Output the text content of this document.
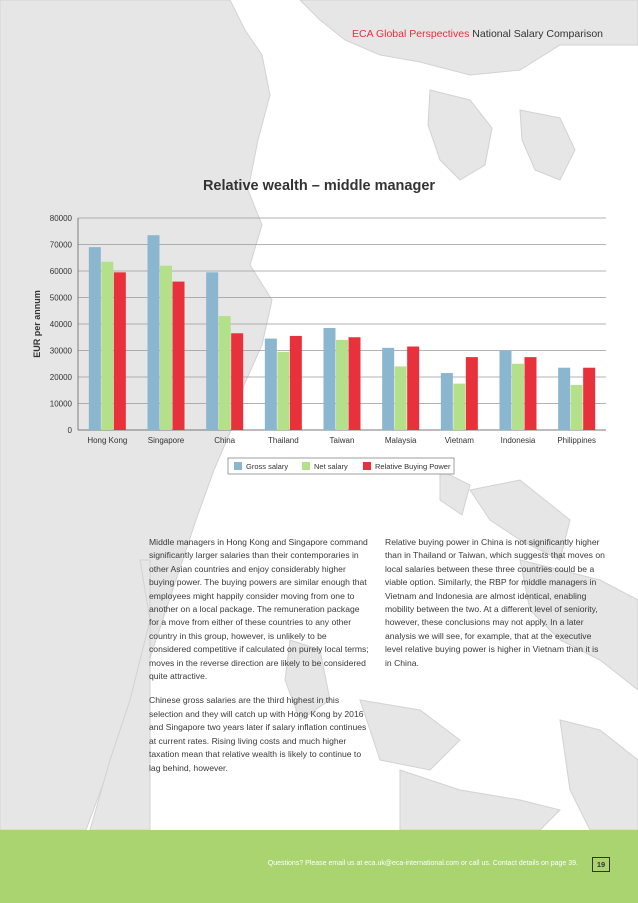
ECA Global Perspectives National Salary Comparison
Relative wealth – middle manager
0
10000
20000
30000
40000
50000
60000
70000
80000
EUR per annum
Hong Kong	Singapore	China	Thailand	Taiwan	Malaysia	Vietnam	Indonesia	Philippines
Gross salary	Net salary	Relative Buying Power

Middle managers in Hong Kong and Singapore command significantly larger salaries than their contemporaries in other Asian countries and enjoy considerably higher buying power. The buying powers are similar enough that employees might happily consider moving from one to another on a local package. The remuneration package for a move from either of these countries to any other country in this group, however, is unlikely to be considered competitive if calculated on purely local terms; moves in the reverse direction are likely to be considered quite attractive.

Chinese gross salaries are the third highest in this selection and they will catch up with Hong Kong by 2016 and Singapore two years later if salary inflation continues at current rates. Rising living costs and much higher taxation mean that relative wealth is likely to continue to lag behind, however.

Relative buying power in China is not significantly higher than in Thailand or Taiwan, which suggests that moves on local salaries between these three countries could be a viable option. Similarly, the RBP for middle managers in Vietnam and Indonesia are almost identical, enabling mobility between the two. At a different level of seniority, however, these conclusions may not apply. In a later analysis we will see, for example, that at the executive level relative buying power is higher in Vietnam than it is in China.

Questions? Please email us at eca.uk@eca-international.com or call us. Contact details on page 39.	19
